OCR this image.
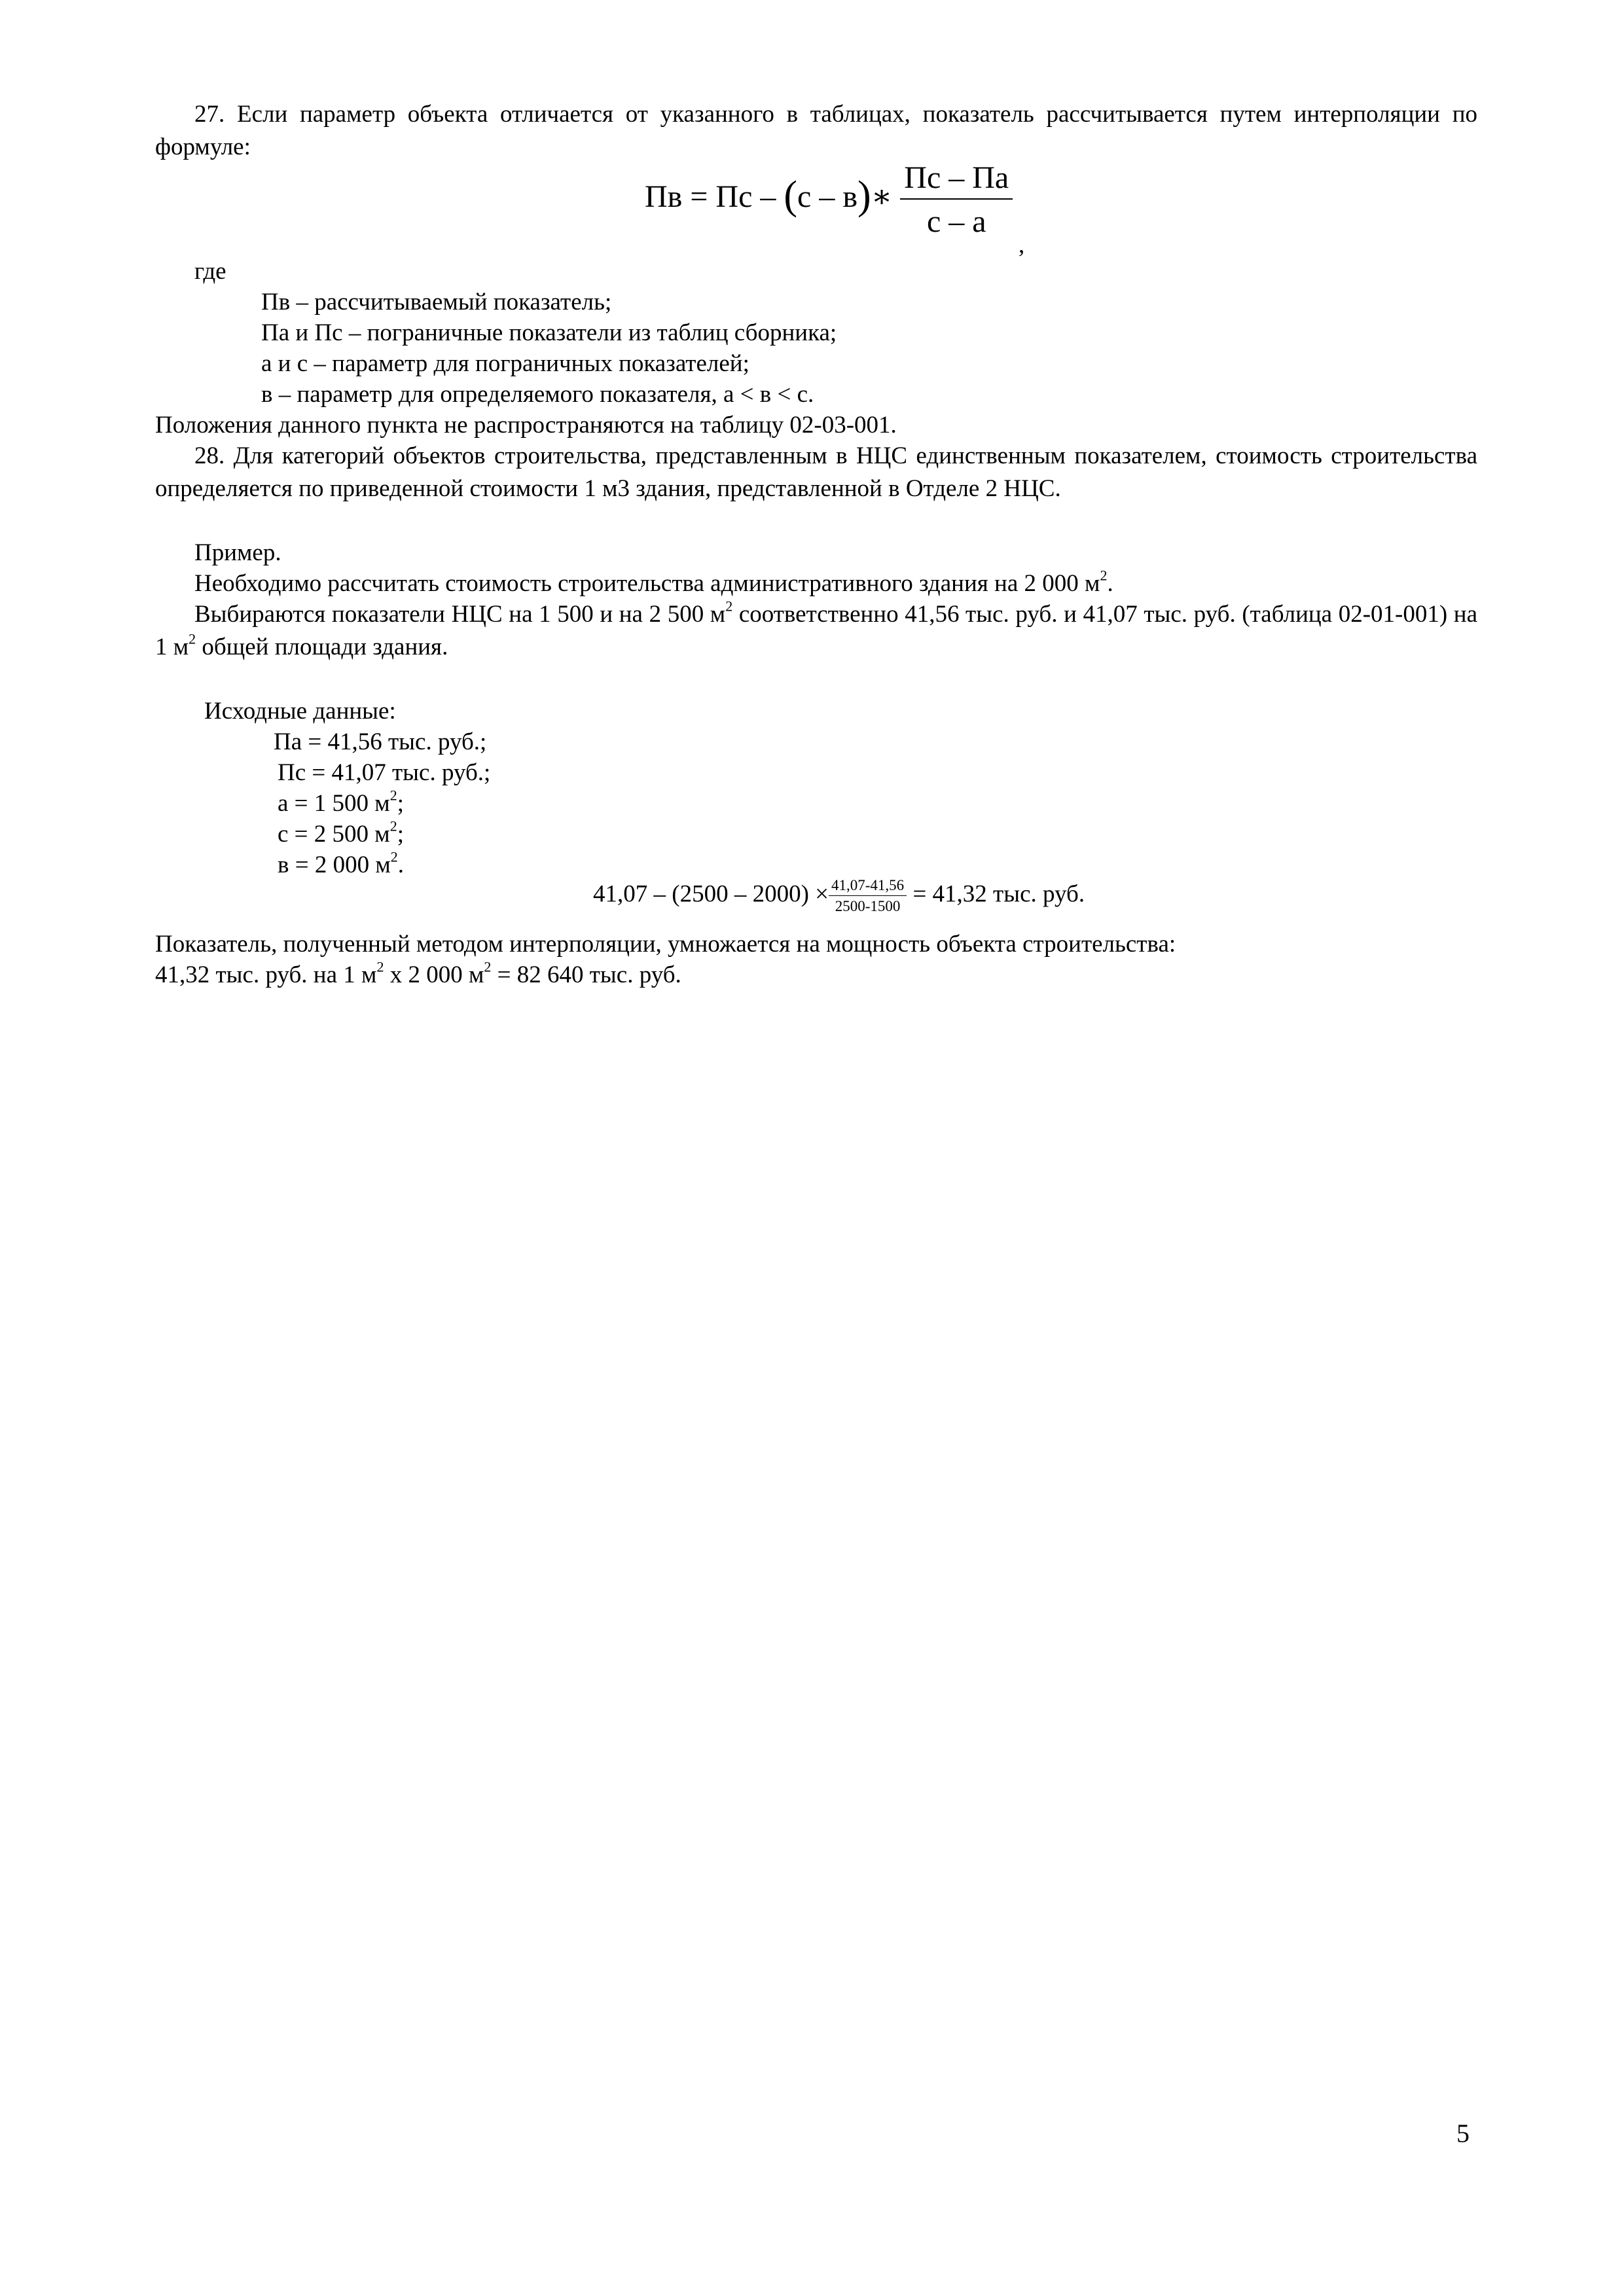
27. Если параметр объекта отличается от указанного в таблицах, показатель рассчитывается путем интерполяции по формуле:

Пв = Пс – (с – в)∗ $\frac{Пс - Па}{с - а}$
,
где
Пв – рассчитываемый показатель;
Па и Пс – пограничные показатели из таблиц сборника;
а и с – параметр для пограничных показателей;
в – параметр для определяемого показателя, а < в < с.
Положения данного пункта не распространяются на таблицу 02-03-001.

28. Для категорий объектов строительства, представленным в НЦС единственным показателем, стоимость строительства определяется по приведенной стоимости 1 м3 здания, представленной в Отделе 2 НЦС.

Пример.
Необходимо рассчитать стоимость строительства административного здания на 2 000 $м^2$.

Выбираются показатели НЦС на 1 500 и на 2 500 $м^2$ соответственно 41,56 тыс. руб. и 41,07 тыс. руб. (таблица 02-01-001) на 1 $м^2$ общей площади здания.

Исходные данные:
Па = 41,56 тыс. руб.;
Пс = 41,07 тыс. руб.;
а = 1 500 $м^2$;
с = 2 500 $м^2$;
в = 2 000 $м^2$.
$41,07 - (2500 - 2000) \times \frac{41,07-41,56}{2500-1500} = 41,32$ тыс. руб.
Показатель, полученный методом интерполяции, умножается на мощность объекта строительства:
41,32 тыс. руб. на 1 $м^2$ х 2 000 $м^2 = 82$ 640 тыс. руб.
5
